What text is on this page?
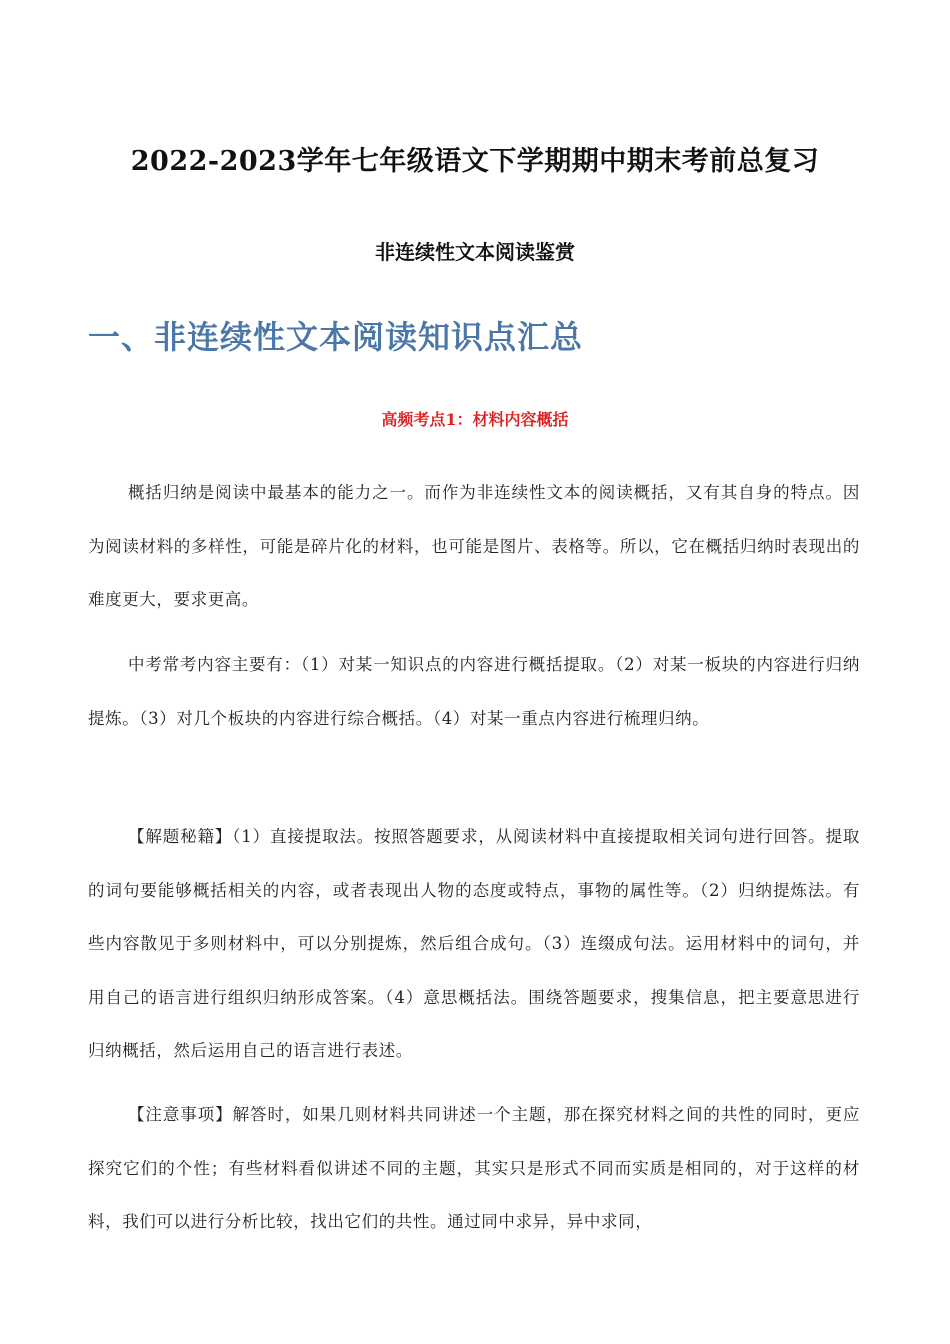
2022-2023学年七年级语文下学期期中期末考前总复习
非连续性文本阅读鉴赏
一、非连续性文本阅读知识点汇总
高频考点1：材料内容概括

概括归纳是阅读中最基本的能力之一。而作为非连续性文本的阅读概括，又有其自身的特点。因为阅读材料的多样性，可能是碎片化的材料，也可能是图片、表格等。所以，它在概括归纳时表现出的难度更大，要求更高。

中考常考内容主要有：（1）对某一知识点的内容进行概括提取。（2）对某一板块的内容进行归纳提炼。（3）对几个板块的内容进行综合概括。（4）对某一重点内容进行梳理归纳。

【解题秘籍】（1）直接提取法。按照答题要求，从阅读材料中直接提取相关词句进行回答。提取的词句要能够概括相关的内容，或者表现出人物的态度或特点，事物的属性等。（2）归纳提炼法。有些内容散见于多则材料中，可以分别提炼，然后组合成句。（3）连缀成句法。运用材料中的词句，并用自己的语言进行组织归纳形成答案。（4）意思概括法。围绕答题要求，搜集信息，把主要意思进行归纳概括，然后运用自己的语言进行表述。

【注意事项】解答时，如果几则材料共同讲述一个主题，那在探究材料之间的共性的同时，更应探究它们的个性；有些材料看似讲述不同的主题，其实只是形式不同而实质是相同的，对于这样的材料，我们可以进行分析比较，找出它们的共性。通过同中求异，异中求同，
